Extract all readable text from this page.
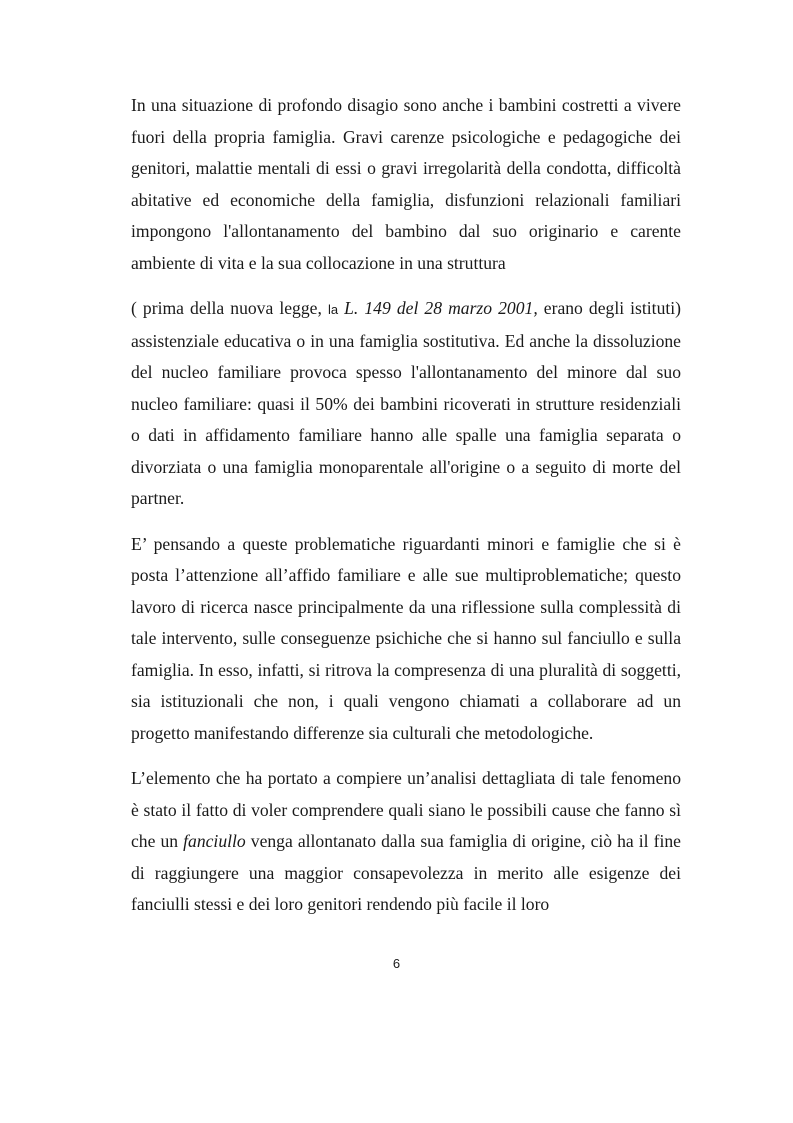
In una situazione di profondo disagio sono anche i bambini costretti a vivere fuori della propria famiglia. Gravi carenze psicologiche e pedagogiche dei genitori, malattie mentali di essi o gravi irregolarità della condotta, difficoltà abitative ed economiche della famiglia, disfunzioni relazionali familiari impongono l'allontanamento del bambino dal suo originario e carente ambiente di vita e la sua collocazione in una struttura

( prima della nuova legge, la L. 149 del 28 marzo 2001, erano degli istituti) assistenziale educativa o in una famiglia sostitutiva. Ed anche la dissoluzione del nucleo familiare provoca spesso l'allontanamento del minore dal suo nucleo familiare: quasi il 50% dei bambini ricoverati in strutture residenziali o dati in affidamento familiare hanno alle spalle una famiglia separata o divorziata o una famiglia monoparentale all'origine o a seguito di morte del partner.

E’ pensando a queste problematiche riguardanti minori e famiglie che si è posta l’attenzione all’affido familiare e alle sue multiproblematiche; questo lavoro di ricerca nasce principalmente da una riflessione sulla complessità di tale intervento, sulle conseguenze psichiche che si hanno sul fanciullo e sulla famiglia. In esso, infatti, si ritrova la compresenza di una pluralità di soggetti, sia istituzionali che non, i quali vengono chiamati a collaborare ad un progetto manifestando differenze sia culturali che metodologiche.

L’elemento che ha portato a compiere un’analisi dettagliata di tale fenomeno è stato il fatto di voler comprendere quali siano le possibili cause che fanno sì che un fanciullo venga allontanato dalla sua famiglia di origine, ciò ha il fine di raggiungere una maggior consapevolezza in merito alle esigenze dei fanciulli stessi e dei loro genitori rendendo più facile il loro

6
